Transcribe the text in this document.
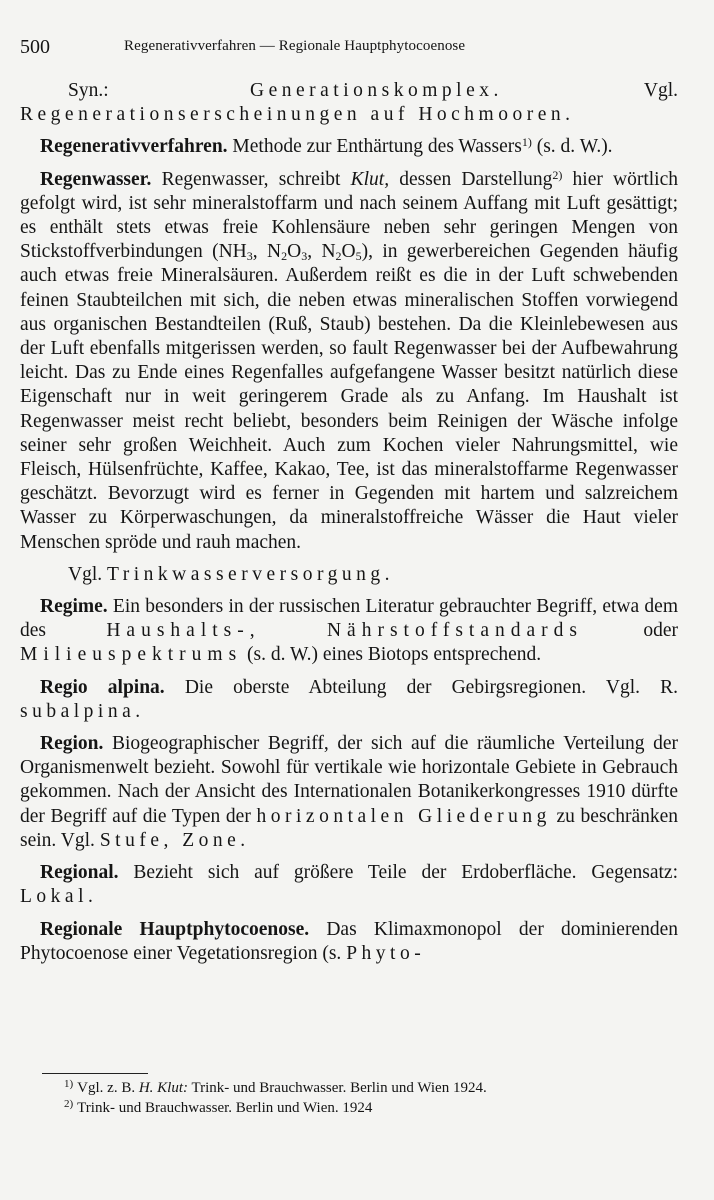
500	Regenerativverfahren — Regionale Hauptphytocoenose

Syn.: Generationskomplex. Vgl. Regenerationserscheinungen auf Hochmooren.

Regenerativverfahren. Methode zur Enthärtung des Wassers$^{1)}$ (s. d. W.).

Regenwasser. Regenwasser, schreibt Klut, dessen Darstellung$^{2)}$ hier wörtlich gefolgt wird, ist sehr mineralstoffarm und nach seinem Auffang mit Luft gesättigt; es enthält stets etwas freie Kohlensäure neben sehr geringen Mengen von Stickstoffverbindungen ($NH_3$, $N_2O_3$, $N_2O_5$), in gewerbereichen Gegenden häufig auch etwas freie Mineralsäuren. Außerdem reißt es die in der Luft schwebenden feinen Staubteilchen mit sich, die neben etwas mineralischen Stoffen vorwiegend aus organischen Bestandteilen (Ruß, Staub) bestehen. Da die Kleinlebewesen aus der Luft ebenfalls mitgerissen werden, so fault Regenwasser bei der Aufbewahrung leicht. Das zu Ende eines Regenfalles aufgefangene Wasser besitzt natürlich diese Eigenschaft nur in weit geringerem Grade als zu Anfang. Im Haushalt ist Regenwasser meist recht beliebt, besonders beim Reinigen der Wäsche infolge seiner sehr großen Weichheit. Auch zum Kochen vieler Nahrungsmittel, wie Fleisch, Hülsenfrüchte, Kaffee, Kakao, Tee, ist das mineralstoffarme Regenwasser geschätzt. Bevorzugt wird es ferner in Gegenden mit hartem und salzreichem Wasser zu Körperwaschungen, da mineralstoffreiche Wässer die Haut vieler Menschen spröde und rauh machen.

Vgl. Trinkwasserversorgung.

Regime. Ein besonders in der russischen Literatur gebrauchter Begriff, etwa dem des Haushalts-, Nährstoffstandards oder Milieuspektrums (s. d. W.) eines Biotops entsprechend.

Regio alpina. Die oberste Abteilung der Gebirgsregionen. Vgl. R. subalpina.

Region. Biogeographischer Begriff, der sich auf die räumliche Verteilung der Organismenwelt bezieht. Sowohl für vertikale wie horizontale Gebiete in Gebrauch gekommen. Nach der Ansicht des Internationalen Botanikerkongresses 1910 dürfte der Begriff auf die Typen der horizontalen Gliederung zu beschränken sein. Vgl. Stufe, Zone.

Regional. Bezieht sich auf größere Teile der Erdoberfläche. Gegensatz: Lokal.

Regionale Hauptphytocoenose. Das Klimaxmonopol der dominierenden Phytocoenose einer Vegetationsregion (s. Phyto-

$^{1)}$ Vgl. z. B. H. Klut: Trink- und Brauchwasser. Berlin und Wien 1924.
$^{2)}$ Trink- und Brauchwasser. Berlin und Wien. 1924
